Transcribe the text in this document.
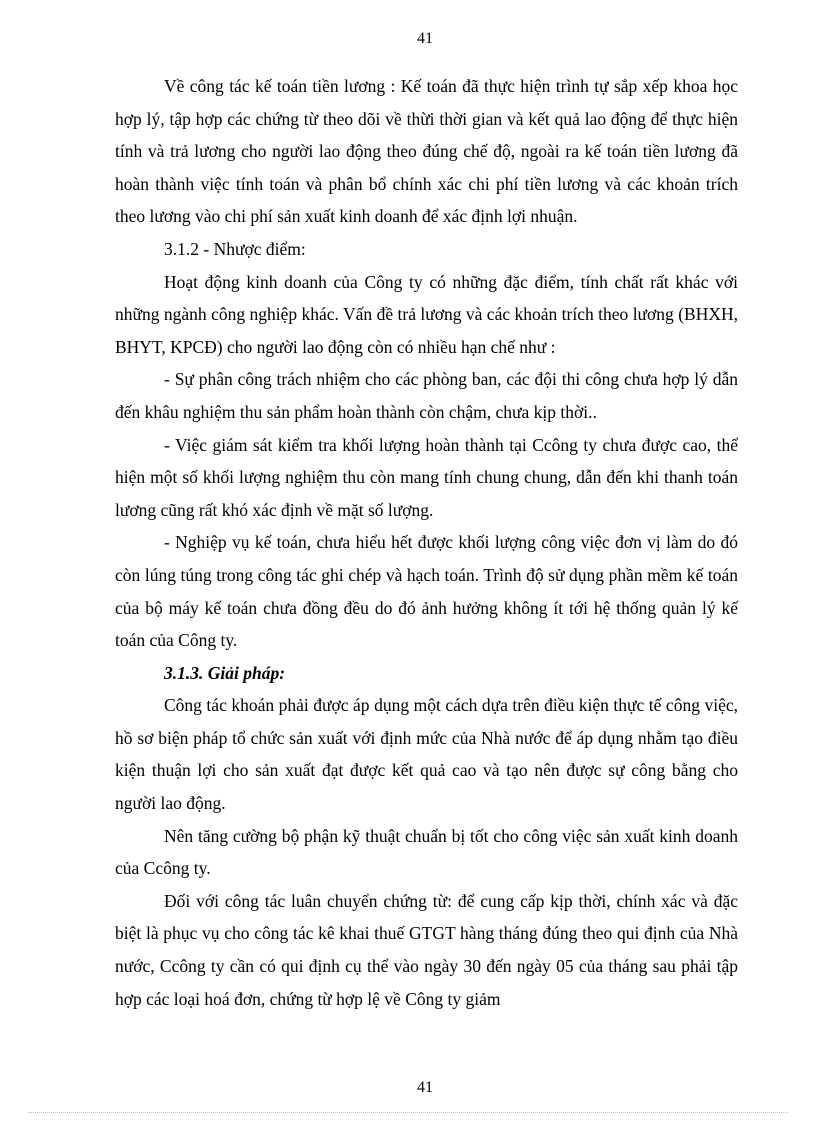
41

Về công tác kế toán tiền lương : Kế toán đã thực hiện trình tự sắp xếp khoa học hợp lý, tập hợp các chứng từ theo dõi về thừi thời gian và kết quả lao động để thực hiện tính và trả lương cho người lao động theo đúng chế độ, ngoài ra kế toán tiền lương đã hoàn thành việc tính toán và phân bổ chính xác chi phí tiền lương và các khoản trích theo lương vào chi phí sản xuất kinh doanh để xác định lợi nhuận.

3.1.2 - Nhược điểm:

Hoạt động kinh doanh của Công ty có những đặc điểm, tính chất rất khác với những ngành công nghiệp khác. Vấn đề trả lương và các khoản trích theo lương (BHXH, BHYT, KPCĐ) cho người lao động còn có nhiều hạn chế như :

- Sự phân công trách nhiệm cho các phòng ban, các đội thi công chưa hợp lý dẫn đến khâu nghiệm thu sản phẩm hoàn thành còn chậm, chưa kịp thời..

- Việc giám sát kiểm tra khối lượng hoàn thành tại Ccông ty chưa được cao, thể hiện một số khối lượng nghiệm thu còn mang tính chung chung, dẫn đến khi thanh toán lương cũng rất khó xác định về mặt số lượng.

- Nghiệp vụ kế toán, chưa hiểu hết được khối lượng công việc đơn vị làm do đó còn lúng túng trong công tác ghi chép và hạch toán. Trình độ sử dụng phần mềm kế toán của bộ máy kế toán chưa đồng đều do đó ảnh hưởng không ít tới hệ thống quản lý kế toán của Công ty.

3.1.3. Giải pháp:

Công tác khoán phải được áp dụng một cách dựa trên điều kiện thực tế công việc, hồ sơ biện pháp tổ chức sản xuất với định mức của Nhà nước để áp dụng nhằm tạo điều kiện thuận lợi cho sản xuất đạt được kết quả cao và tạo nên được sự công bằng cho người lao động.

Nên tăng cường bộ phận kỹ thuật chuẩn bị tốt cho công việc sản xuất kinh doanh của Ccông ty.

Đối với công tác luân chuyển chứng từ: để cung cấp kịp thời, chính xác và đặc biệt là phục vụ cho công tác kê khai thuế GTGT hàng tháng đúng theo qui định của Nhà nước, Ccông ty cần có qui định cụ thể vào ngày 30 đến ngày 05 của tháng sau phải tập hợp các loại hoá đơn, chứng từ hợp lệ về Công ty giảm

41
